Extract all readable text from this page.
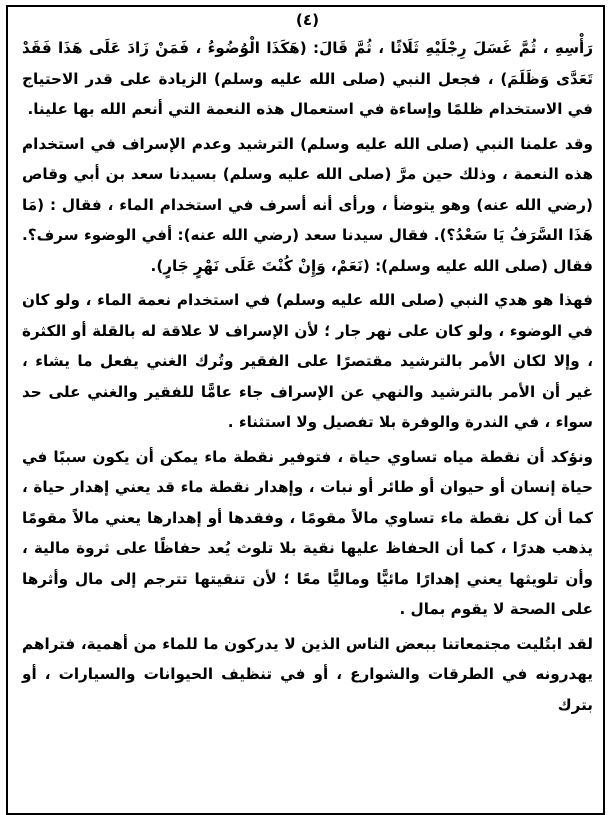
(٤)

رَأْسِهِ ، ثُمَّ غَسَلَ رِجْلَيْهِ ثَلَاثًا ، ثُمَّ قَالَ: (هَكَذَا الْوُضُوءُ ، فَمَنْ زَادَ عَلَى هَذَا فَقَدْ تَعَدَّى وَظَلَمَ) ، فجعل النبي (صلى الله عليه وسلم) الزيادة على قدر الاحتياج في الاستخدام ظلمًا وإساءة في استعمال هذه النعمة التي أنعم الله بها علينا.

وقد علمنا النبي (صلى الله عليه وسلم) الترشيد وعدم الإسراف في استخدام هذه النعمة ، وذلك حين مرَّ (صلى الله عليه وسلم) بسيدنا سعد بن أبي وقاص (رضي الله عنه) وهو يتوضأ ، ورأى أنه أسرف في استخدام الماء ، فقال : (مَا هَذَا السَّرَفُ يَا سَعْدُ؟). فقال سيدنا سعد (رضي الله عنه): أفي الوضوء سرف؟. فقال (صلى الله عليه وسلم): (نَعَمْ، وَإِنْ كُنْتَ عَلَى نَهْرٍ جَارٍ).

فهذا هو هدي النبي (صلى الله عليه وسلم) في استخدام نعمة الماء ، ولو كان في الوضوء ، ولو كان على نهر جار ؛ لأن الإسراف لا علاقة له بالقلة أو الكثرة ، وإلا لكان الأمر بالترشيد مقتصرًا على الفقير وتُرك الغني يفعل ما يشاء ، غير أن الأمر بالترشيد والنهي عن الإسراف جاء عامًّا للفقير والغني على حد سواء ، في الندرة والوفرة بلا تفصيل ولا استثناء .

ونؤكد أن نقطة مياه تساوي حياة ، فتوفير نقطة ماء يمكن أن يكون سببًا في حياة إنسان أو حيوان أو طائر أو نبات ، وإهدار نقطة ماء قد يعني إهدار حياة ، كما أن كل نقطة ماء تساوي مالاً مقومًا ، وفقدها أو إهدارها يعني مالاً مقومًا يذهب هدرًا ، كما أن الحفاظ عليها نقية بلا تلوث يُعد حفاظًا على ثروة مالية ، وأن تلويثها يعني إهدارًا مائيًّا وماليًّا معًا ؛ لأن تنقيتها تترجم إلى مال وأثرها على الصحة لا يقوم بمال .

لقد ابتُليت مجتمعاتنا ببعض الناس الذين لا يدركون ما للماء من أهمية، فتراهم يهدرونه في الطرقات والشوارع ، أو في تنظيف الحيوانات والسيارات ، أو بترك
